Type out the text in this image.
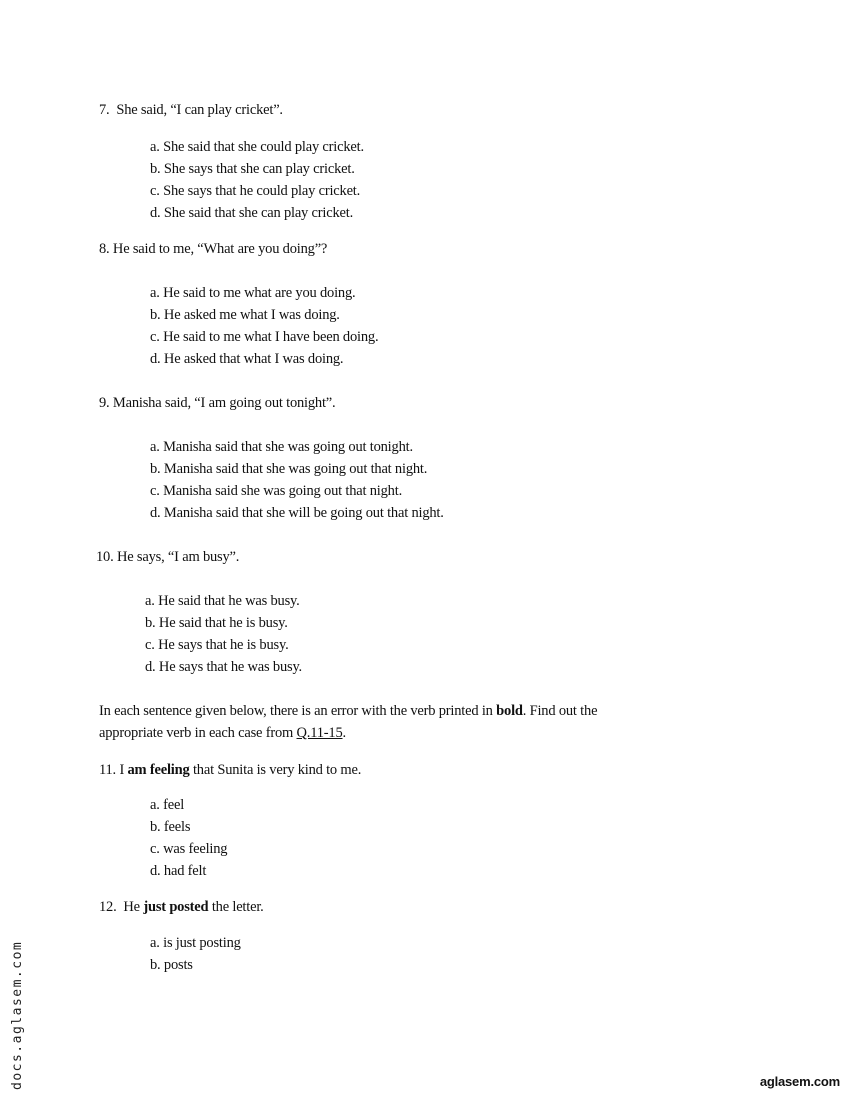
7. She said, “I can play cricket”.
a. She said that she could play cricket.
b. She says that she can play cricket.
c. She says that he could play cricket.
d. She said that she can play cricket.
8. He said to me, “What are you doing”?
a. He said to me what are you doing.
b. He asked me what I was doing.
c. He said to me what I have been doing.
d. He asked that what I was doing.
9. Manisha said, “I am going out tonight”.
a. Manisha said that she was going out tonight.
b. Manisha said that she was going out that night.
c. Manisha said she was going out that night.
d. Manisha said that she will be going out that night.
10. He says, “I am busy”.
a. He said that he was busy.
b. He said that he is busy.
c. He says that he is busy.
d. He says that he was busy.
In each sentence given below, there is an error with the verb printed in bold. Find out the
appropriate verb in each case from Q.11-15.
11. I am feeling that Sunita is very kind to me.
a. feel
b. feels
c. was feeling
d. had felt
12. He just posted the letter.
a. is just posting
b. posts
docs.aglasem.com	aglasem.com
